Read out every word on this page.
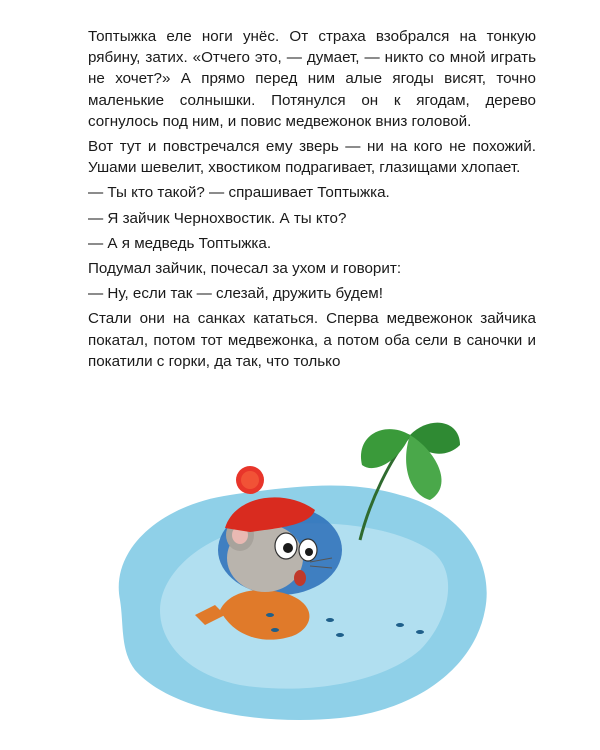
Топтыжка еле ноги унёс. От страха взобрался на тонкую рябину, затих. «Отчего это, — думает, — никто со мной играть не хочет?» А прямо перед ним алые ягоды висят, точно маленькие солнышки. Потянулся он к ягодам, дерево согнулось под ним, и повис медвежонок вниз головой.

Вот тут и повстречался ему зверь — ни на кого не похожий. Ушами шевелит, хвостиком подрагивает, глазищами хлопает.

— Ты кто такой? — спрашивает Топтыжка.

— Я зайчик Чернохвостик. А ты кто?

— А я медведь Топтыжка.

Подумал зайчик, почесал за ухом и говорит:

— Ну, если так — слезай, дружить будем!

Стали они на санках кататься. Сперва медвежонок зайчика покатал, потом тот медвежонка, а потом оба сели в саночки и покатили с горки, да так, что только
